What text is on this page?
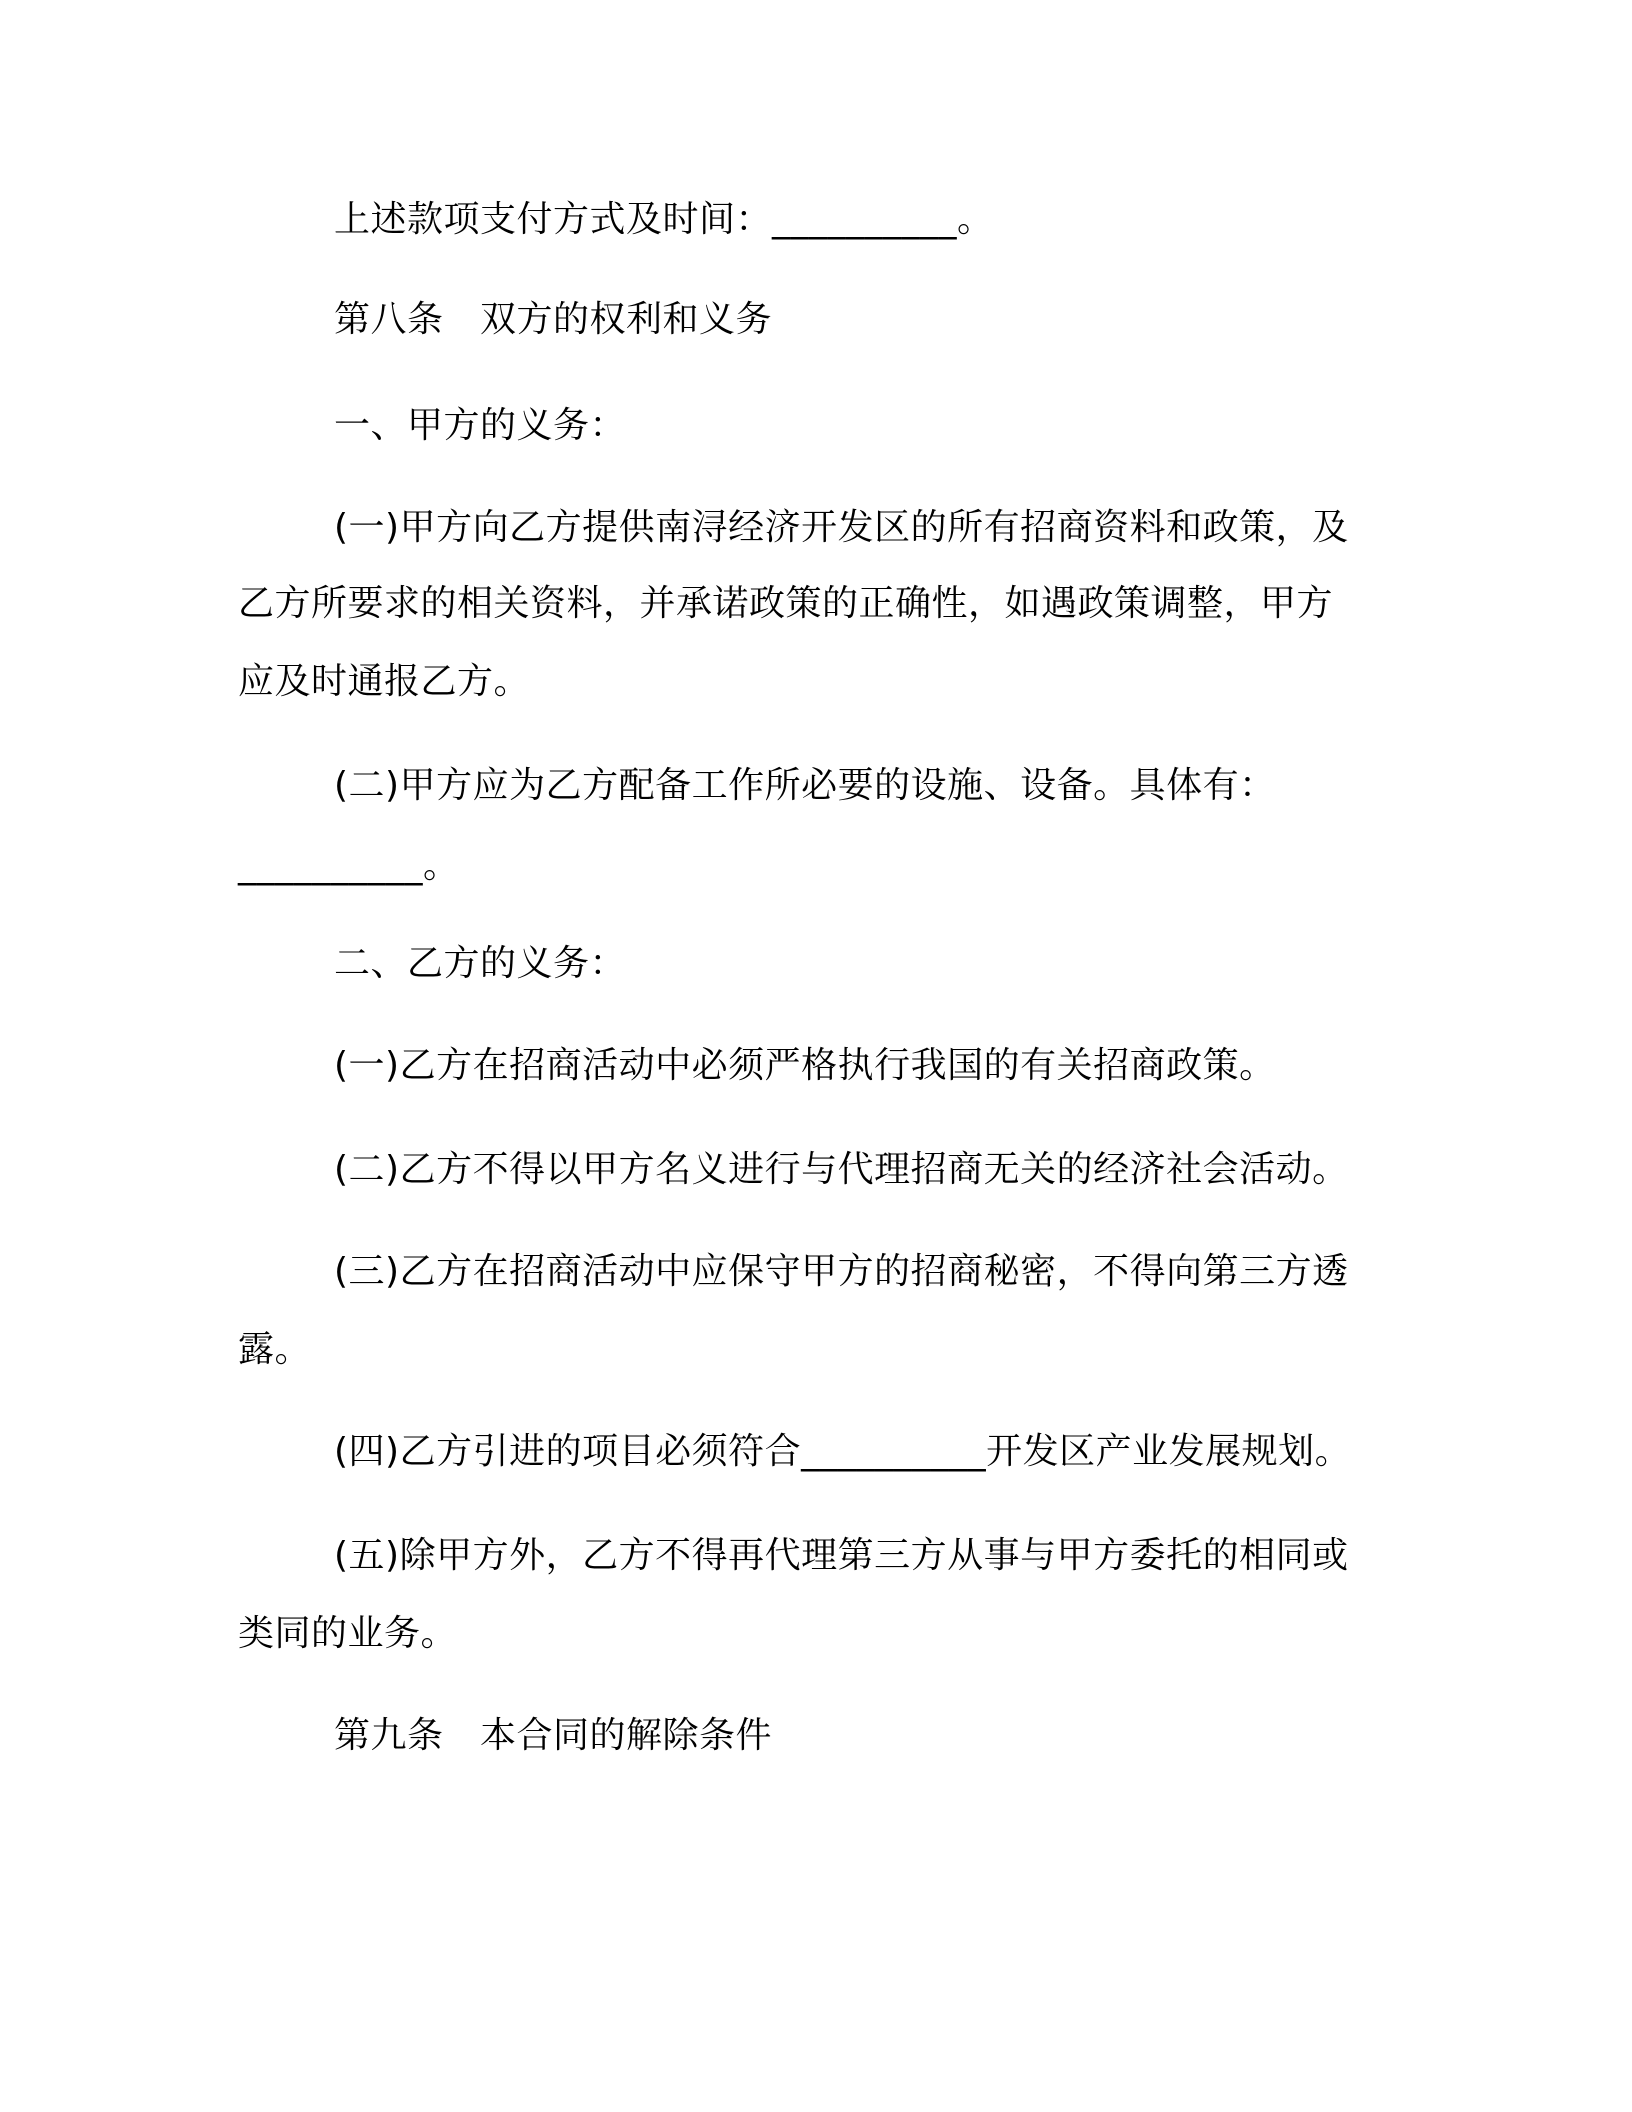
上述款项支付方式及时间：__________。
第八条　双方的权利和义务
一、甲方的义务：
(一)甲方向乙方提供南浔经济开发区的所有招商资料和政策，及
乙方所要求的相关资料，并承诺政策的正确性，如遇政策调整，甲方
应及时通报乙方。
(二)甲方应为乙方配备工作所必要的设施、设备。具体有：
__________。
二、乙方的义务：
(一)乙方在招商活动中必须严格执行我国的有关招商政策。
(二)乙方不得以甲方名义进行与代理招商无关的经济社会活动。
(三)乙方在招商活动中应保守甲方的招商秘密，不得向第三方透
露。
(四)乙方引进的项目必须符合__________开发区产业发展规划。
(五)除甲方外，乙方不得再代理第三方从事与甲方委托的相同或
类同的业务。
第九条　本合同的解除条件
